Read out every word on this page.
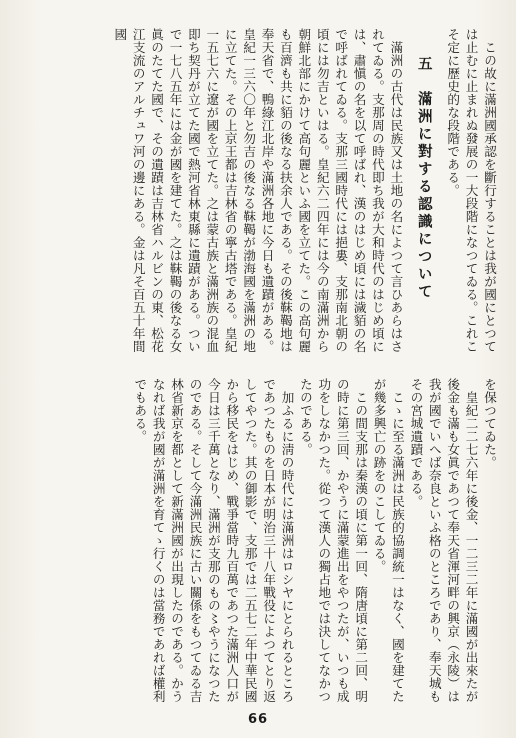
この故に滿洲國承認を斷行することは我が國にとつては止むに止まれぬ發展の一大段階になつてゐる。これこそ定に歷史的な段階である。

五　滿洲に對する認識について

滿洲の古代は民族又は土地の名によつて言ひあらはされてゐる。支那周の時代即ち我が大和時代のはじめ頃には、肅愼の名を以て呼ばれ、漢のはじめ頃には濊貊の名で呼ばれてゐる。支那三國時代には挹婁、支那南北朝の頃には勿吉といはる。皇紀六二四年には今の南滿洲から朝鮮北部にかけて高句麗といふ國を立てた。この高句麗も百濟も共に貊の後なる扶余人である。その後靺鞨地は奉天省で、鴨綠江北岸や滿洲各地に今日も遺蹟がある。皇紀一三六〇年と勿吉の後なる靺鞨が渤海國を滿洲の地に立てた。その上京王都は吉林省の寧古塔である。皇紀一五七六に遼が國を立てた。之は蒙古族と滿洲族の混血即ち契丹が立てた國で熱河省林東縣に遺蹟がある。ついで一七八五年には金が國を建てた。之は靺鞨の後なる女眞のたてた國で、その遺蹟は吉林省ハルビンの東、松花江支流のアルチュワ河の邊にある。金は凡そ百五十年間國

を保つてゐた。

皇紀二二七六年に後金、一二三二年に滿國が出來たが後金も滿も女眞であつて奉天省渾河畔の興京（永陵）は我が國でいへば奈良といふ格のところであり、奉天城もその宮城遺蹟である。

こゝに至る滿洲は民族的協調統一はなく、國を建てたが幾多興亡の跡をのこしてゐる。

この間支那は秦漢の頃に第一回、隋唐頃に第二回、明の時に第三回、かやうに滿蒙進出をやつたが、いつも成功をしなかつた。從つて漢人の獨占地では決してなかつたのである。

加ふるに淸の時代には滿洲はロシヤにとられるところであつたものを日本が明治三十八年戰役によつてとり返してやつた。其の御影で、支那では二五七二年中華民國から移民をはじめ、戰爭當時九百萬であつた滿洲人口が今日は三千萬となり、滿洲が支那のもの〻やうになつたのである。そして今滿洲民族に古い關係をもつてゐる吉林省新京を都として新滿洲國が出現したのである。かうなれば我が國が滿洲を育てゝ行くのは當務であれば權利でもある。

66
